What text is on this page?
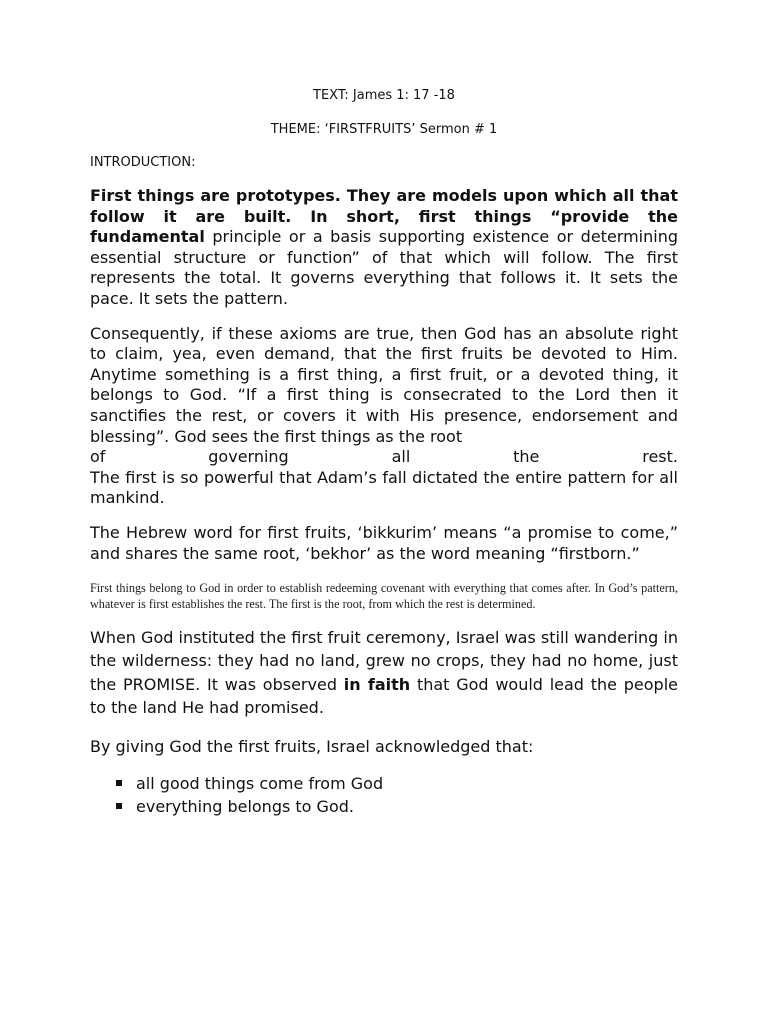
TEXT: James 1: 17 -18

THEME: ‘FIRSTFRUITS’ Sermon # 1

INTRODUCTION:

First things are prototypes. They are models upon which all that follow it are built. In short, first things “provide the fundamental principle or a basis supporting existence or determining essential structure or function” of that which will follow. The first represents the total. It governs everything that follows it. It sets the pace. It sets the pattern.

Consequently, if these axioms are true, then God has an absolute right to claim, yea, even demand, that the first fruits be devoted to Him. Anytime something is a first thing, a first fruit, or a devoted thing, it belongs to God. “If a first thing is consecrated to the Lord then it sanctifies the rest, or covers it with His presence, endorsement and blessing”. God sees the first things as the root
of governing all the rest.
The first is so powerful that Adam’s fall dictated the entire pattern for all mankind.

The Hebrew word for first fruits, ‘bikkurim’ means “a promise to come,” and shares the same root, ‘bekhor’ as the word meaning “firstborn.”

First things belong to God in order to establish redeeming covenant with everything that comes after. In God’s pattern, whatever is first establishes the rest. The first is the root, from which the rest is determined.

When God instituted the first fruit ceremony, Israel was still wandering in the wilderness: they had no land, grew no crops, they had no home, just the PROMISE. It was observed in faith that God would lead the people to the land He had promised.

By giving God the first fruits, Israel acknowledged that:

all good things come from God
everything belongs to God.
